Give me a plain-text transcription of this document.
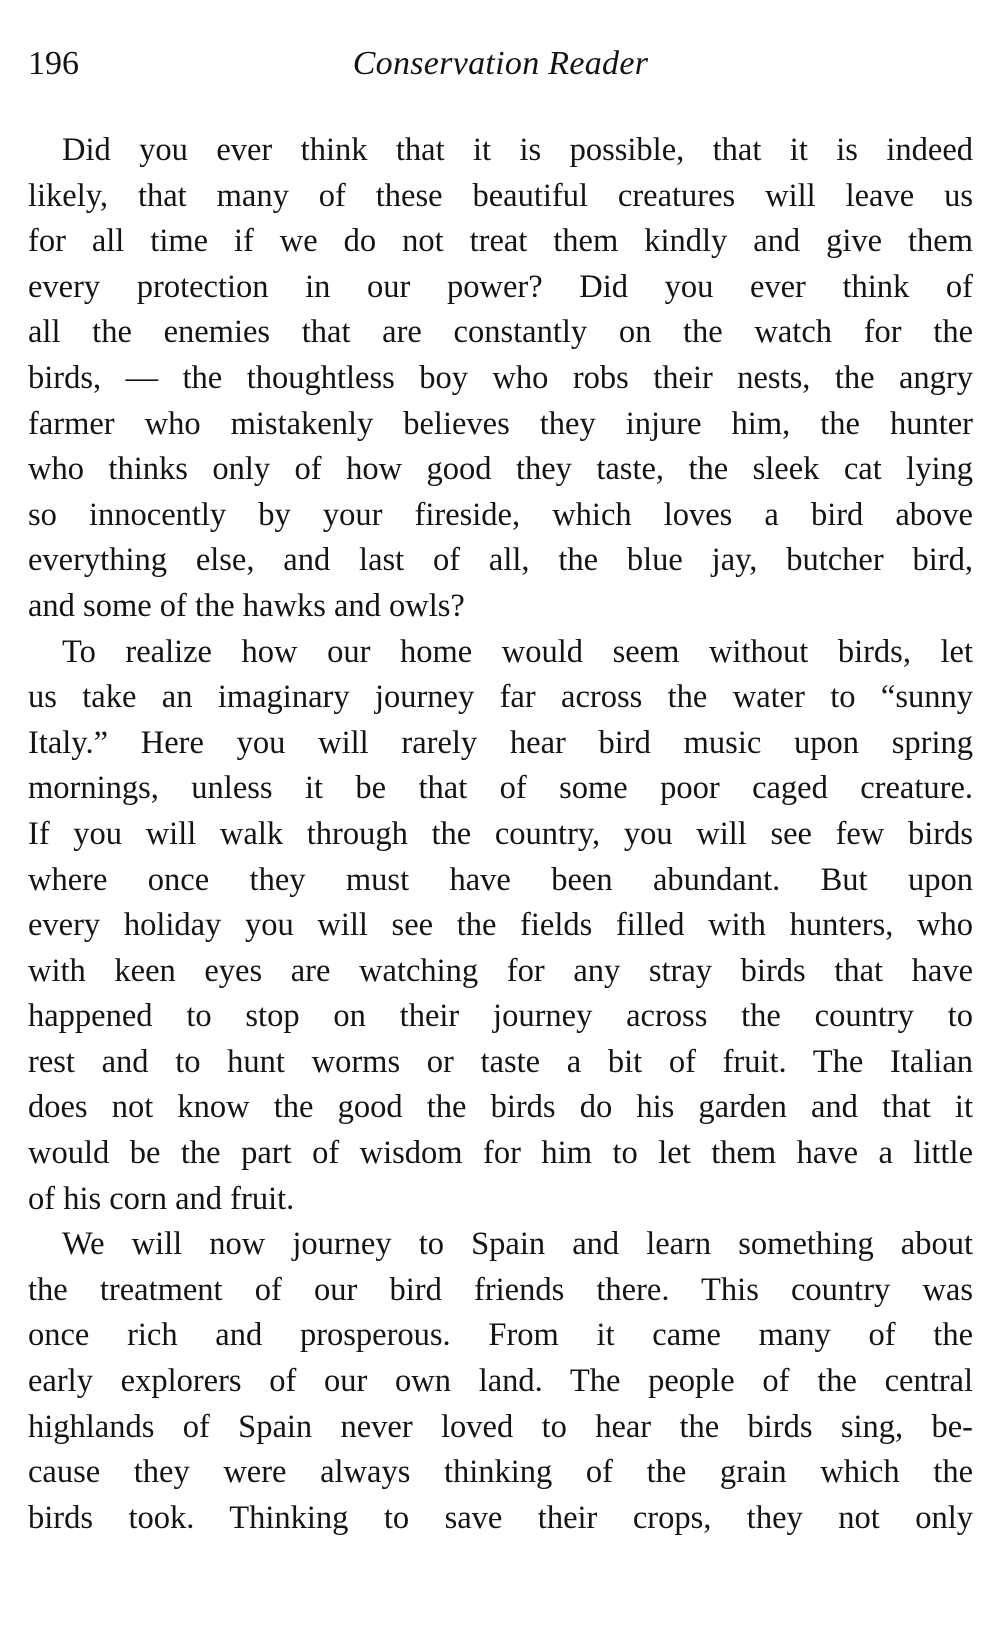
196	Conservation Reader

Did you ever think that it is possible, that it is indeed
likely, that many of these beautiful creatures will leave us
for all time if we do not treat them kindly and give them
every protection in our power? Did you ever think of
all the enemies that are constantly on the watch for the
birds, — the thoughtless boy who robs their nests, the angry
farmer who mistakenly believes they injure him, the hunter
who thinks only of how good they taste, the sleek cat lying
so innocently by your fireside, which loves a bird above
everything else, and last of all, the blue jay, butcher bird,
and some of the hawks and owls?

To realize how our home would seem without birds, let
us take an imaginary journey far across the water to “sunny
Italy.” Here you will rarely hear bird music upon spring
mornings, unless it be that of some poor caged creature.
If you will walk through the country, you will see few birds
where once they must have been abundant. But upon
every holiday you will see the fields filled with hunters, who
with keen eyes are watching for any stray birds that have
happened to stop on their journey across the country to
rest and to hunt worms or taste a bit of fruit. The Italian
does not know the good the birds do his garden and that it
would be the part of wisdom for him to let them have a little
of his corn and fruit.

We will now journey to Spain and learn something about
the treatment of our bird friends there. This country was
once rich and prosperous. From it came many of the
early explorers of our own land. The people of the central
highlands of Spain never loved to hear the birds sing, be-
cause they were always thinking of the grain which the
birds took. Thinking to save their crops, they not only
